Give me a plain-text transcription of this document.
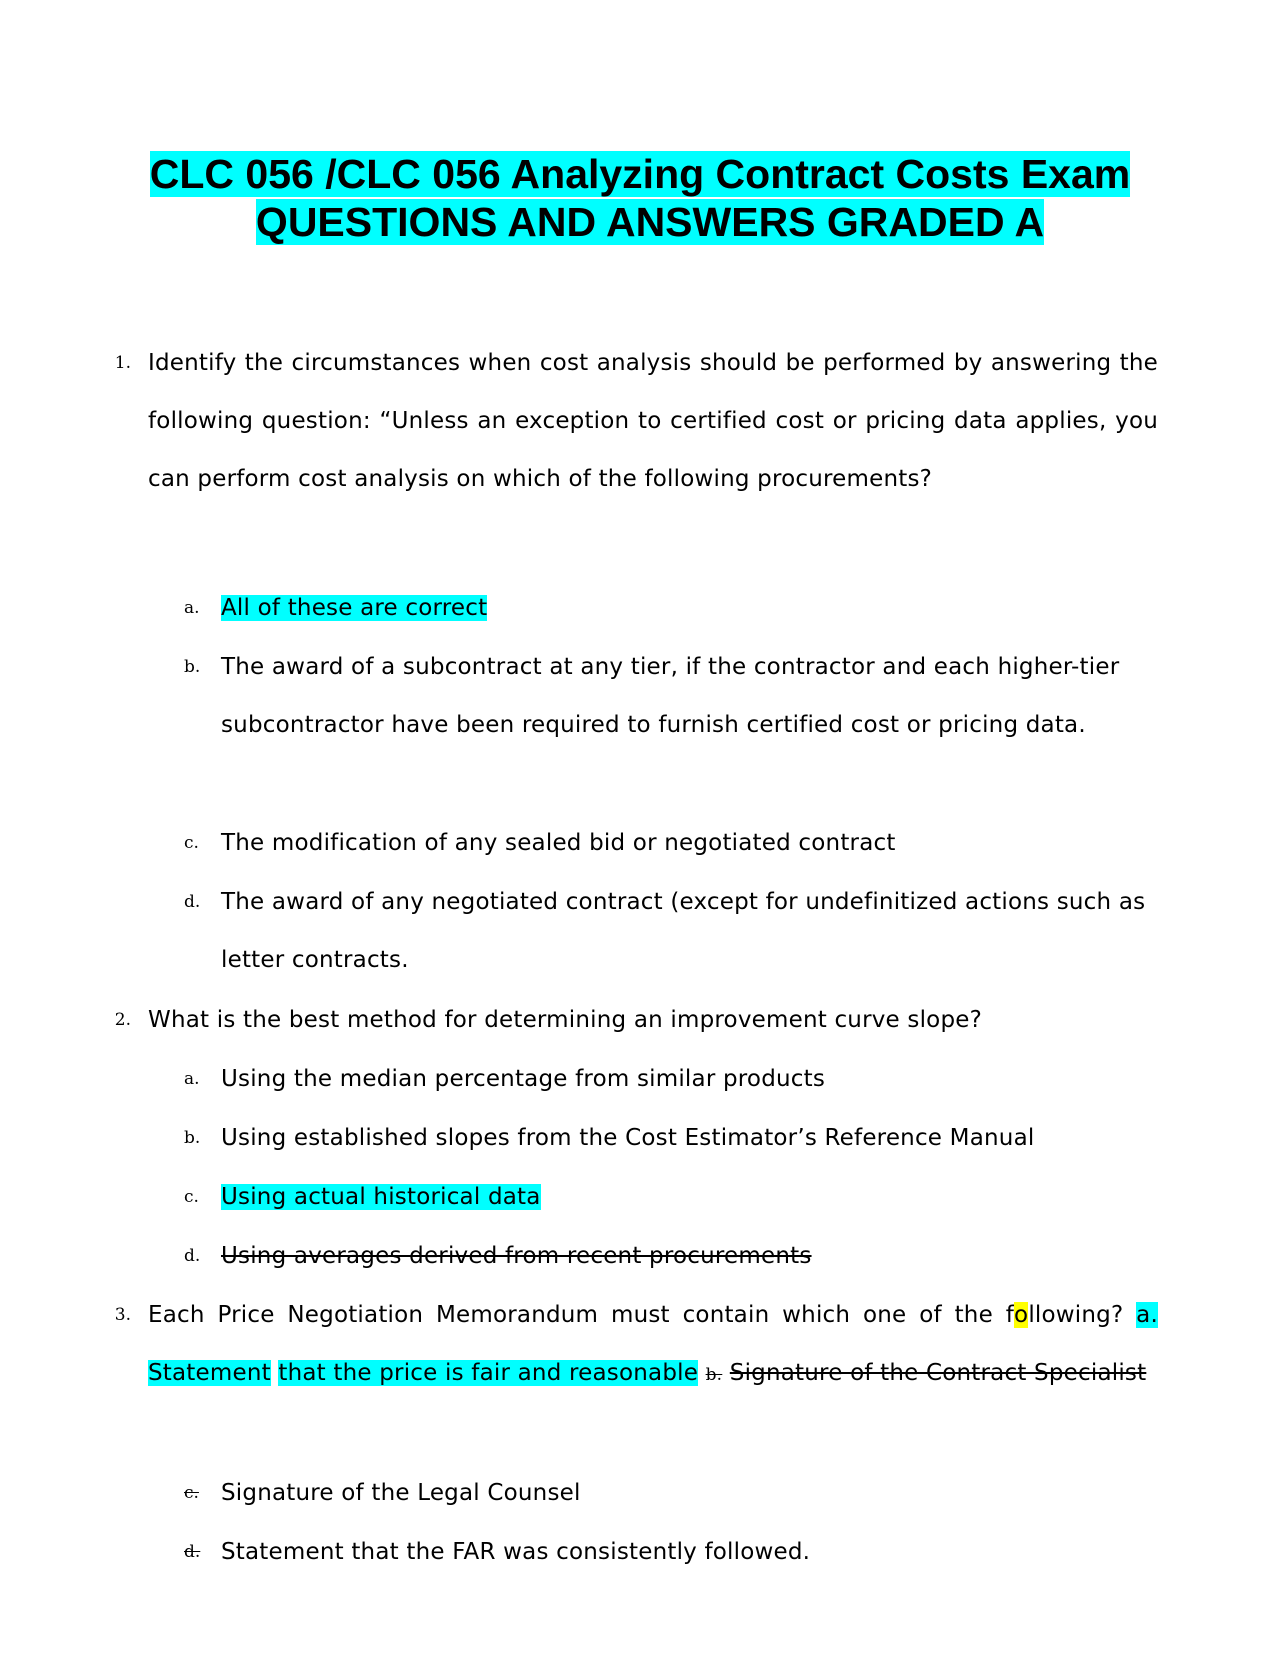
CLC 056 /CLC 056 Analyzing Contract Costs Exam
QUESTIONS AND ANSWERS GRADED A
1. Identify the circumstances when cost analysis should be performed by answering the following question: “Unless an exception to certified cost or pricing data applies, you can perform cost analysis on which of the following procurements?
a. All of these are correct
b. The award of a subcontract at any tier, if the contractor and each higher-tier subcontractor have been required to furnish certified cost or pricing data.
c. The modification of any sealed bid or negotiated contract
d. The award of any negotiated contract (except for undefinitized actions such as letter contracts.
2. What is the best method for determining an improvement curve slope?
a. Using the median percentage from similar products
b. Using established slopes from the Cost Estimator’s Reference Manual
c. Using actual historical data
d. Using averages derived from recent procurements
3. Each Price Negotiation Memorandum must contain which one of the following? a. Statement that the price is fair and reasonable b. Signature of the Contract Specialist
c. Signature of the Legal Counsel
d. Statement that the FAR was consistently followed.
